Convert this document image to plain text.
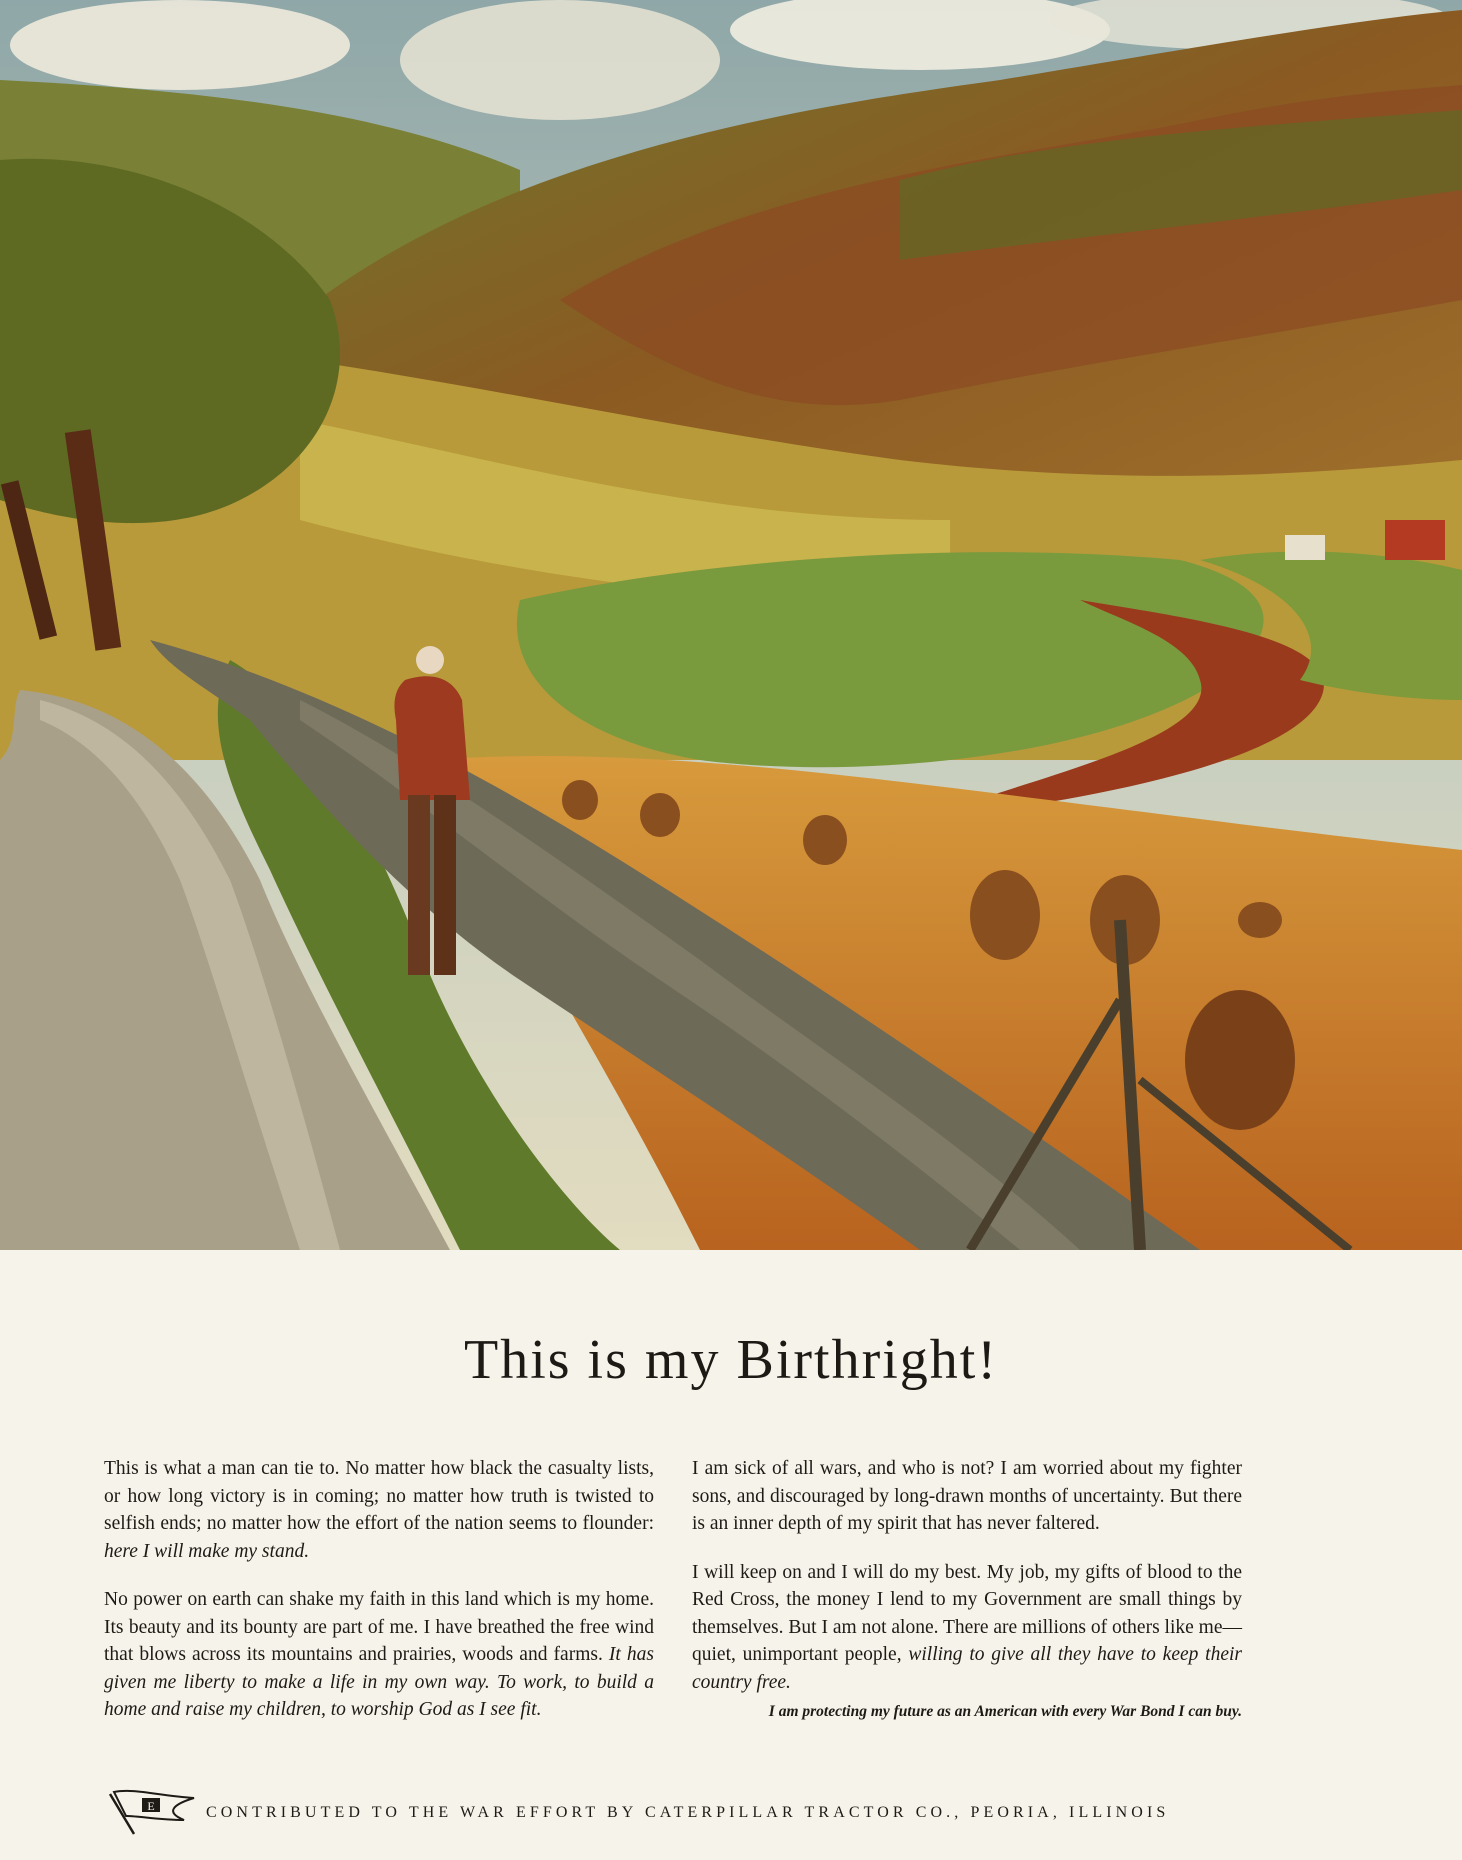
This is my Birthright!

This is what a man can tie to. No matter how black the casualty lists, or how long victory is in coming; no matter how truth is twisted to selfish ends; no matter how the effort of the nation seems to flounder: here I will make my stand.

No power on earth can shake my faith in this land which is my home. Its beauty and its bounty are part of me. I have breathed the free wind that blows across its mountains and prairies, woods and farms. It has given me liberty to make a life in my own way. To work, to build a home and raise my children, to worship God as I see fit.

I am sick of all wars, and who is not? I am worried about my fighter sons, and discouraged by long-drawn months of uncertainty. But there is an inner depth of my spirit that has never faltered.

I will keep on and I will do my best. My job, my gifts of blood to the Red Cross, the money I lend to my Government are small things by themselves. But I am not alone. There are millions of others like me—quiet, unimportant people, willing to give all they have to keep their country free.

I am protecting my future as an American with every War Bond I can buy.
E	CONTRIBUTED TO THE WAR EFFORT BY CATERPILLAR TRACTOR CO., PEORIA, ILLINOIS
